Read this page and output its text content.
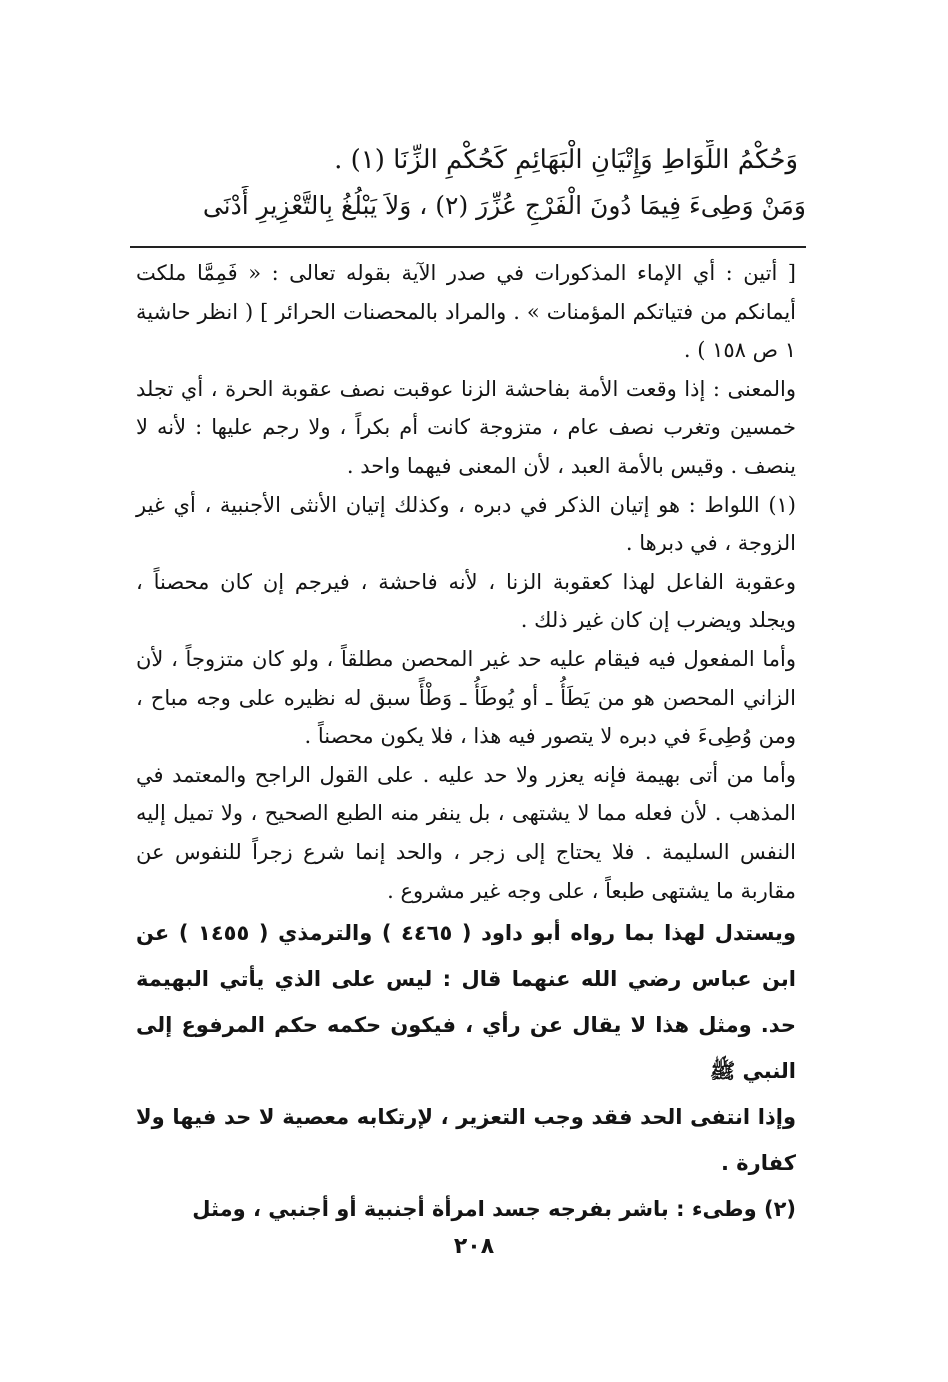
وَحُكْمُ اللِّوَاطِ وَإِتْيَانِ الْبَهَائِمِ كَحُكْمِ الزِّنَا (١) .
وَمَنْ وَطِىءَ فِيمَا دُونَ الْفَرْجِ عُزِّرَ (٢) ، وَلاَ يَبْلُغُ بِالتَّعْزِيرِ أَدْنَى

[ أتين : أي الإماء المذكورات في صدر الآية بقوله تعالى : « فَمِمَّا ملكت أيمانكم من فتياتكم المؤمنات » . والمراد بالمحصنات الحرائر ] ( انظر حاشية ١ ص ١٥٨ ) .

والمعنى : إذا وقعت الأمة بفاحشة الزنا عوقبت نصف عقوبة الحرة ، أي تجلد خمسين وتغرب نصف عام ، متزوجة كانت أم بكراً ، ولا رجم عليها : لأنه لا ينصف . وقيس بالأمة العبد ، لأن المعنى فيهما واحد .

(١) اللواط : هو إتيان الذكر في دبره ، وكذلك إتيان الأنثى الأجنبية ، أي غير الزوجة ، في دبرها .

وعقوبة الفاعل لهذا كعقوبة الزنا ، لأنه فاحشة ، فيرجم إن كان محصناً ، ويجلد ويضرب إن كان غير ذلك .

وأما المفعول فيه فيقام عليه حد غير المحصن مطلقاً ، ولو كان متزوجاً ، لأن الزاني المحصن هو من يَطَأُ ـ أو يُوطَأُ ـ وَطْأً سبق له نظيره على وجه مباح ، ومن وُطِىءَ في دبره لا يتصور فيه هذا ، فلا يكون محصناً .

وأما من أتى بهيمة فإنه يعزر ولا حد عليه . على القول الراجح والمعتمد في المذهب . لأن فعله مما لا يشتهى ، بل ينفر منه الطبع الصحيح ، ولا تميل إليه النفس السليمة . فلا يحتاج إلى زجر ، والحد إنما شرع زجراً للنفوس عن مقاربة ما يشتهى طبعاً ، على وجه غير مشروع .

ويستدل لهذا بما رواه أبو داود ( ٤٤٦٥ ) والترمذي ( ١٤٥٥ ) عن ابن عباس رضي الله عنهما قال : ليس على الذي يأتي البهيمة حد. ومثل هذا لا يقال عن رأي ، فيكون حكمه حكم المرفوع إلى النبي ﷺ

وإذا انتفى الحد فقد وجب التعزير ، لإرتكابه معصية لا حد فيها ولا كفارة .

(٢) وطىء : باشر بفرجه جسد امرأة أجنبية أو أجنبي ، ومثل

٢٠٨
